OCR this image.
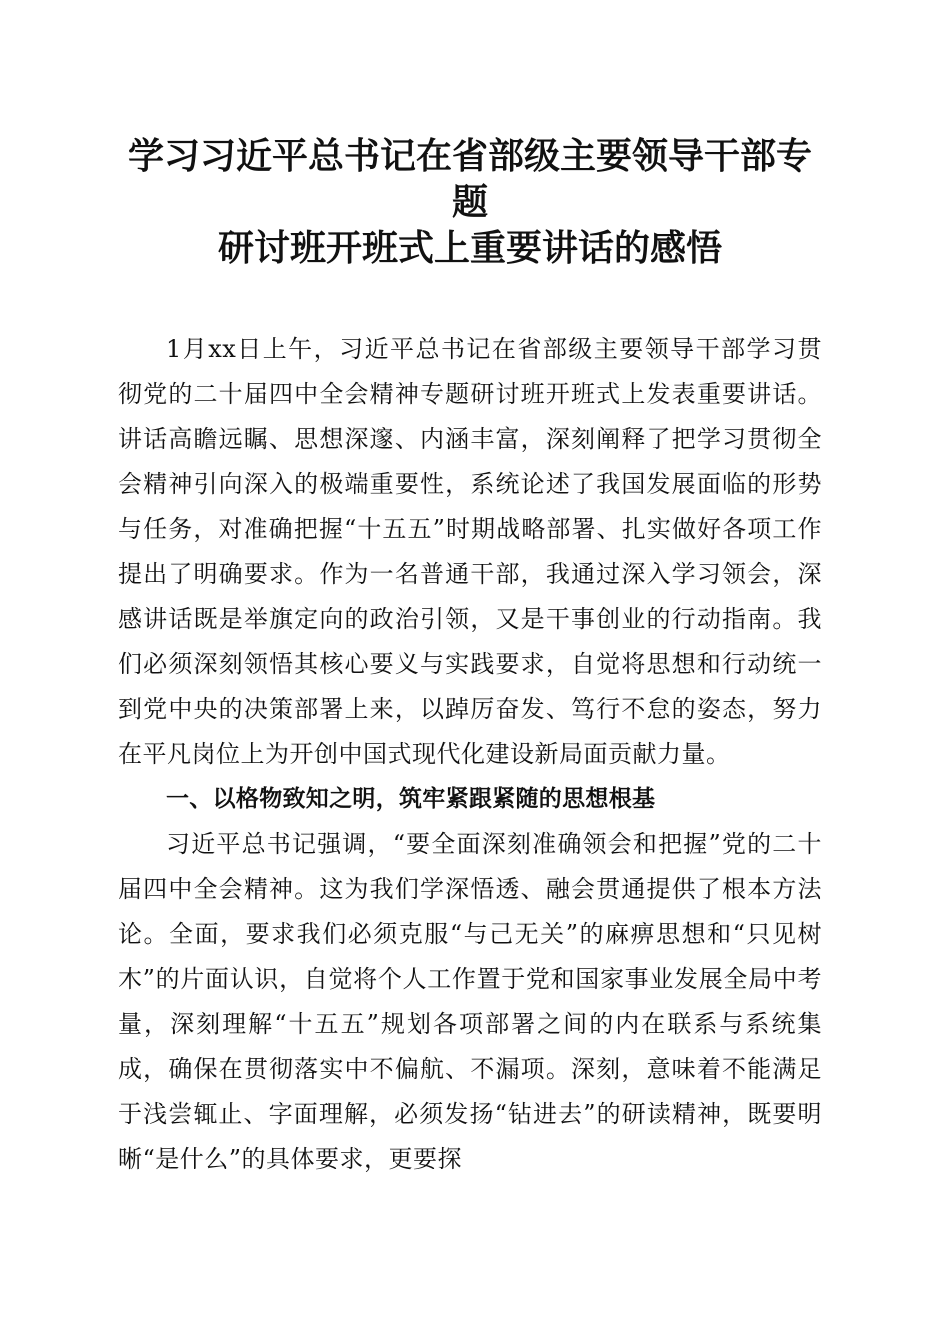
学习习近平总书记在省部级主要领导干部专题
研讨班开班式上重要讲话的感悟

1月xx日上午，习近平总书记在省部级主要领导干部学习贯彻党的二十届四中全会精神专题研讨班开班式上发表重要讲话。讲话高瞻远瞩、思想深邃、内涵丰富，深刻阐释了把学习贯彻全会精神引向深入的极端重要性，系统论述了我国发展面临的形势与任务，对准确把握“十五五”时期战略部署、扎实做好各项工作提出了明确要求。作为一名普通干部，我通过深入学习领会，深感讲话既是举旗定向的政治引领，又是干事创业的行动指南。我们必须深刻领悟其核心要义与实践要求，自觉将思想和行动统一到党中央的决策部署上来，以踔厉奋发、笃行不怠的姿态，努力在平凡岗位上为开创中国式现代化建设新局面贡献力量。

一、以格物致知之明，筑牢紧跟紧随的思想根基

习近平总书记强调，“要全面深刻准确领会和把握”党的二十届四中全会精神。这为我们学深悟透、融会贯通提供了根本方法论。全面，要求我们必须克服“与己无关”的麻痹思想和“只见树木”的片面认识，自觉将个人工作置于党和国家事业发展全局中考量，深刻理解“十五五”规划各项部署之间的内在联系与系统集成，确保在贯彻落实中不偏航、不漏项。深刻，意味着不能满足于浅尝辄止、字面理解，必须发扬“钻进去”的研读精神，既要明晰“是什么”的具体要求，更要探
